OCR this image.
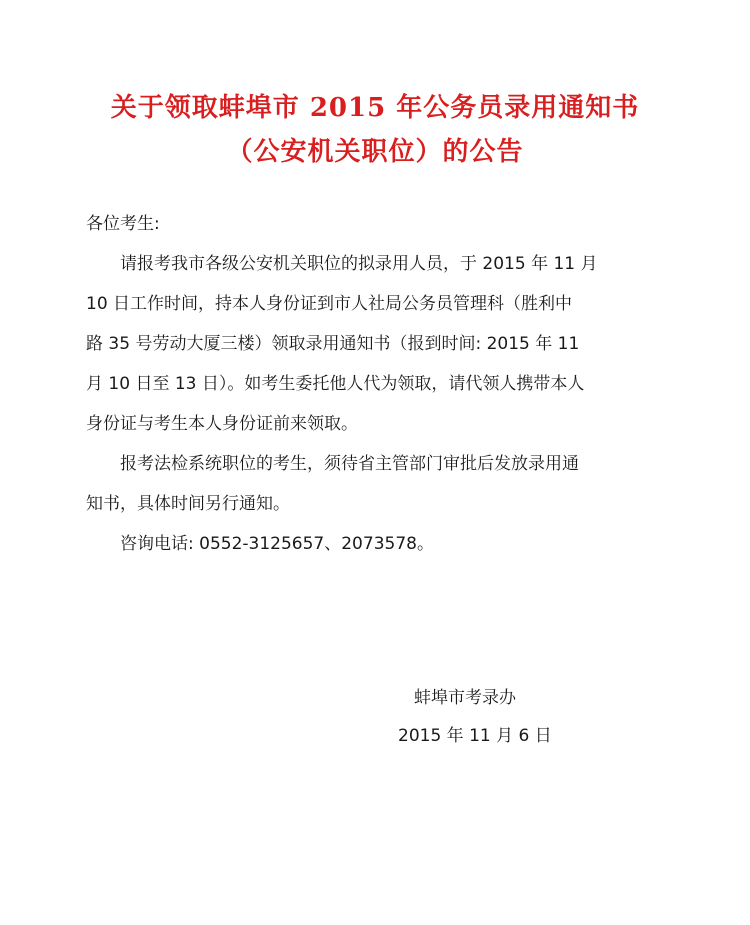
关于领取蚌埠市 2015 年公务员录用通知书
（公安机关职位）的公告
各位考生:
请报考我市各级公安机关职位的拟录用人员，于 2015 年 11 月
10 日工作时间，持本人身份证到市人社局公务员管理科（胜利中
路 35 号劳动大厦三楼）领取录用通知书（报到时间: 2015 年 11
月 10 日至 13 日）。如考生委托他人代为领取，请代领人携带本人
身份证与考生本人身份证前来领取。
报考法检系统职位的考生，须待省主管部门审批后发放录用通
知书，具体时间另行通知。
咨询电话: 0552-3125657、2073578。
蚌埠市考录办
2015 年 11 月 6 日
